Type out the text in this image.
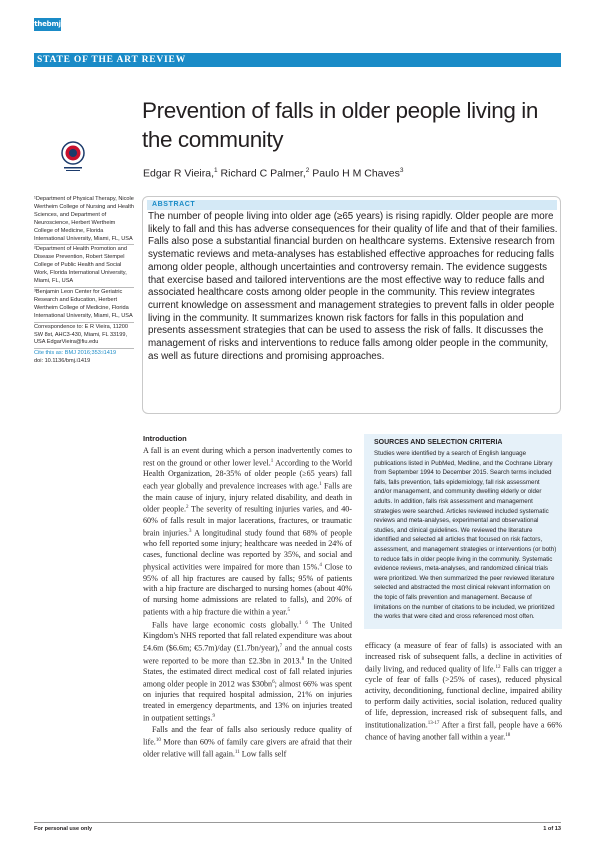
thebmj
STATE OF THE ART REVIEW
Prevention of falls in older people living in the community
Edgar R Vieira,$^1$ Richard C Palmer,$^2$ Paulo H M Chaves$^3$

¹Department of Physical Therapy, Nicole Wertheim College of Nursing and Health Sciences, and Department of Neuroscience, Herbert Wertheim College of Medicine, Florida International University, Miami, FL, USA

²Department of Health Promotion and Disease Prevention, Robert Stempel College of Public Health and Social Work, Florida International University, Miami, FL, USA

³Benjamin Leon Center for Geriatric Research and Education, Herbert Wertheim College of Medicine, Florida International University, Miami, FL, USA

Correspondence to: E R Vieira, 11200 SW 8st, AHC3-430, Miami, FL 33199, USA EdgarVieira@fiu.edu

Cite this as: BMJ 2016;353:i1419
doi: 10.1136/bmj.i1419
ABSTRACT
The number of people living into older age (≥65 years) is rising rapidly. Older people are more likely to fall and this has adverse consequences for their quality of life and that of their families. Falls also pose a substantial financial burden on healthcare systems. Extensive research from systematic reviews and meta-analyses has established effective approaches for reducing falls among older people, although uncertainties and controversy remain. The evidence suggests that exercise based and tailored interventions are the most effective way to reduce falls and associated healthcare costs among older people in the community. This review integrates current knowledge on assessment and management strategies to prevent falls in older people living in the community. It summarizes known risk factors for falls in this population and presents assessment strategies that can be used to assess the risk of falls. It discusses the management of risks and interventions to reduce falls among older people in the community, as well as future directions and promising approaches.
Introduction

A fall is an event during which a person inadvertently comes to rest on the ground or other lower level.$^1$ According to the World Health Organization, 28-35% of older people (≥65 years) fall each year globally and prevalence increases with age.$^1$ Falls are the main cause of injury, injury related disability, and death in older people.$^2$ The severity of resulting injuries varies, and 40-60% of falls result in major lacerations, fractures, or traumatic brain injuries.$^3$ A longitudinal study found that 68% of people who fell reported some injury; healthcare was needed in 24% of cases, functional decline was reported by 35%, and social and physical activities were impaired for more than 15%.$^4$ Close to 95% of all hip fractures are caused by falls; 95% of patients with a hip fracture are discharged to nursing homes (about 40% of nursing home admissions are related to falls), and 20% of patients with a hip fracture die within a year.$^5$

Falls have large economic costs globally.$^{1 6}$ The United Kingdom's NHS reported that fall related expenditure was about £4.6m ($6.6m; €5.7m)/day (£1.7bn/year),$^7$ and the annual costs were reported to be more than £2.3bn in 2013.$^8$ In the United States, the estimated direct medical cost of fall related injuries among older people in 2012 was $\$30bn^6$; almost 66% was spent on injuries that required hospital admission, 21% on injuries treated in emergency departments, and 13% on injuries treated in outpatient settings.$^9$

Falls and the fear of falls also seriously reduce quality of life.$^{10}$ More than 60% of family care givers are afraid that their older relative will fall again.$^{11}$ Low falls self

SOURCES AND SELECTION CRITERIA
Studies were identified by a search of English language publications listed in PubMed, Medline, and the Cochrane Library from September 1994 to December 2015. Search terms included falls, falls prevention, falls epidemiology, fall risk assessment and/or management, and community dwelling elderly or older adults. In addition, falls risk assessment and management strategies were searched. Articles reviewed included systematic reviews and meta-analyses, experimental and observational studies, and clinical guidelines. We reviewed the literature identified and selected all articles that focused on risk factors, assessment, and management strategies or interventions (or both) to reduce falls in older people living in the community. Systematic evidence reviews, meta-analyses, and randomized clinical trials were prioritized. We then summarized the peer reviewed literature selected and abstracted the most clinical relevant information on the topic of falls prevention and management. Because of limitations on the number of citations to be included, we prioritized the works that were cited and cross referenced most often.

efficacy (a measure of fear of falls) is associated with an increased risk of subsequent falls, a decline in activities of daily living, and reduced quality of life.$^{12}$ Falls can trigger a cycle of fear of falls (>25% of cases), reduced physical activity, deconditioning, functional decline, impaired ability to perform daily activities, social isolation, reduced quality of life, depression, increased risk of subsequent falls, and institutionalization.$^{13-17}$ After a first fall, people have a 66% chance of having another fall within a year.$^{18}$

For personal use only	1 of 13
